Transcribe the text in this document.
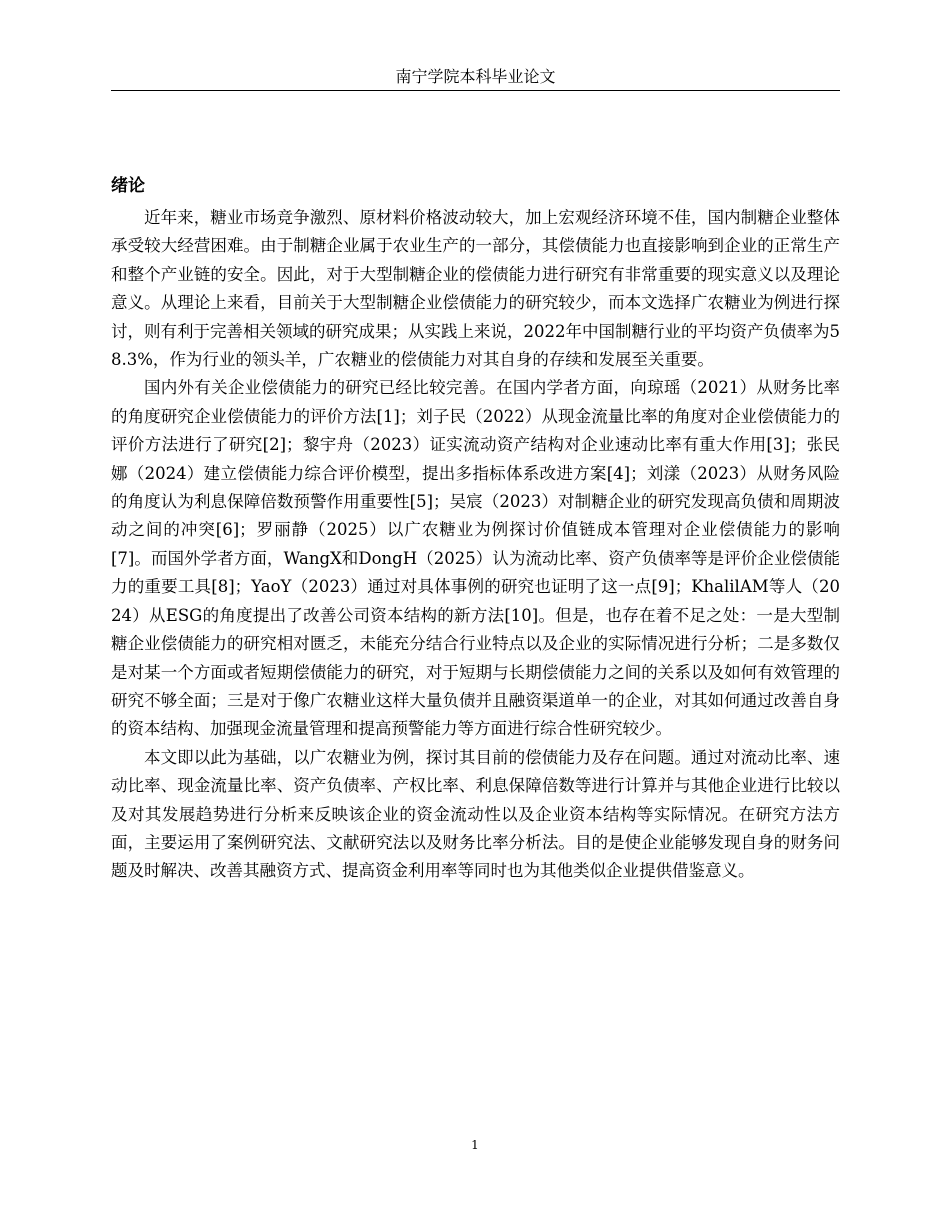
南宁学院本科毕业论文
绪论

近年来，糖业市场竞争激烈、原材料价格波动较大，加上宏观经济环境不佳，国内制糖企业整体承受较大经营困难。由于制糖企业属于农业生产的一部分，其偿债能力也直接影响到企业的正常生产和整个产业链的安全。因此，对于大型制糖企业的偿债能力进行研究有非常重要的现实意义以及理论意义。从理论上来看，目前关于大型制糖企业偿债能力的研究较少，而本文选择广农糖业为例进行探讨，则有利于完善相关领域的研究成果；从实践上来说，2022年中国制糖行业的平均资产负债率为58.3%，作为行业的领头羊，广农糖业的偿债能力对其自身的存续和发展至关重要。

国内外有关企业偿债能力的研究已经比较完善。在国内学者方面，向琼瑶（2021）从财务比率的角度研究企业偿债能力的评价方法[1]；刘子民（2022）从现金流量比率的角度对企业偿债能力的评价方法进行了研究[2]；黎宇舟（2023）证实流动资产结构对企业速动比率有重大作用[3]；张民娜（2024）建立偿债能力综合评价模型，提出多指标体系改进方案[4]；刘漾（2023）从财务风险的角度认为利息保障倍数预警作用重要性[5]；吴宸（2023）对制糖企业的研究发现高负债和周期波动之间的冲突[6]；罗丽静（2025）以广农糖业为例探讨价值链成本管理对企业偿债能力的影响[7]。而国外学者方面，WangX和DongH（2025）认为流动比率、资产负债率等是评价企业偿债能力的重要工具[8]；YaoY（2023）通过对具体事例的研究也证明了这一点[9]；KhalilAM等人（2024）从ESG的角度提出了改善公司资本结构的新方法[10]。但是，也存在着不足之处：一是大型制糖企业偿债能力的研究相对匮乏，未能充分结合行业特点以及企业的实际情况进行分析；二是多数仅是对某一个方面或者短期偿债能力的研究，对于短期与长期偿债能力之间的关系以及如何有效管理的研究不够全面；三是对于像广农糖业这样大量负债并且融资渠道单一的企业，对其如何通过改善自身的资本结构、加强现金流量管理和提高预警能力等方面进行综合性研究较少。

本文即以此为基础，以广农糖业为例，探讨其目前的偿债能力及存在问题。通过对流动比率、速动比率、现金流量比率、资产负债率、产权比率、利息保障倍数等进行计算并与其他企业进行比较以及对其发展趋势进行分析来反映该企业的资金流动性以及企业资本结构等实际情况。在研究方法方面，主要运用了案例研究法、文献研究法以及财务比率分析法。目的是使企业能够发现自身的财务问题及时解决、改善其融资方式、提高资金利用率等同时也为其他类似企业提供借鉴意义。

1
